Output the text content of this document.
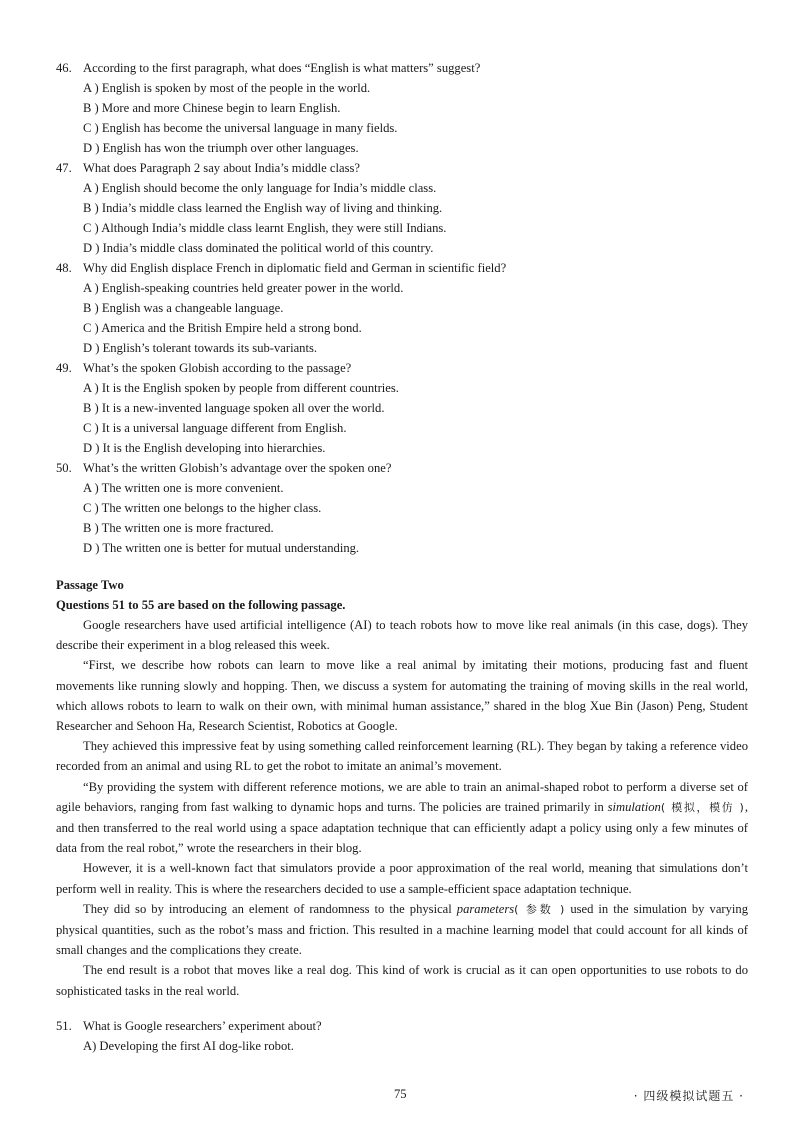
46. According to the first paragraph, what does “English is what matters” suggest?
A ) English is spoken by most of the people in the world.
B ) More and more Chinese begin to learn English.
C ) English has become the universal language in many fields.
D ) English has won the triumph over other languages.
47. What does Paragraph 2 say about India’s middle class?
A ) English should become the only language for India’s middle class.
B ) India’s middle class learned the English way of living and thinking.
C ) Although India’s middle class learnt English, they were still Indians.
D ) India’s middle class dominated the political world of this country.
48. Why did English displace French in diplomatic field and German in scientific field?
A ) English-speaking countries held greater power in the world.
B ) English was a changeable language.
C ) America and the British Empire held a strong bond.
D ) English’s tolerant towards its sub-variants.
49. What’s the spoken Globish according to the passage?
A ) It is the English spoken by people from different countries.
B ) It is a new-invented language spoken all over the world.
C ) It is a universal language different from English.
D ) It is the English developing into hierarchies.
50. What’s the written Globish’s advantage over the spoken one?
A ) The written one is more convenient.
C ) The written one belongs to the higher class.
B ) The written one is more fractured.
D ) The written one is better for mutual understanding.
Passage Two
Questions 51 to 55 are based on the following passage.

Google researchers have used artificial intelligence (AI) to teach robots how to move like real animals (in this case, dogs). They describe their experiment in a blog released this week.

“First, we describe how robots can learn to move like a real animal by imitating their motions, producing fast and fluent movements like running slowly and hopping. Then, we discuss a system for automating the training of moving skills in the real world, which allows robots to learn to walk on their own, with minimal human assistance,” shared in the blog Xue Bin (Jason) Peng, Student Researcher and Sehoon Ha, Research Scientist, Robotics at Google.

They achieved this impressive feat by using something called reinforcement learning (RL). They began by taking a reference video recorded from an animal and using RL to get the robot to imitate an animal’s movement.

“By providing the system with different reference motions, we are able to train an animal-shaped robot to perform a diverse set of agile behaviors, ranging from fast walking to dynamic hops and turns. The policies are trained primarily in simulation( 模拟，模仿 ), and then transferred to the real world using a space adaptation technique that can efficiently adapt a policy using only a few minutes of data from the real robot,” wrote the researchers in their blog.

However, it is a well-known fact that simulators provide a poor approximation of the real world, meaning that simulations don’t perform well in reality. This is where the researchers decided to use a sample-efficient space adaptation technique.

They did so by introducing an element of randomness to the physical parameters( 参数 ) used in the simulation by varying physical quantities, such as the robot’s mass and friction. This resulted in a machine learning model that could account for all kinds of small changes and the complications they create.

The end result is a robot that moves like a real dog. This kind of work is crucial as it can open opportunities to use robots to do sophisticated tasks in the real world.

51. What is Google researchers’ experiment about?
A) Developing the first AI dog-like robot.
75	· 四级模拟试题五 ·
